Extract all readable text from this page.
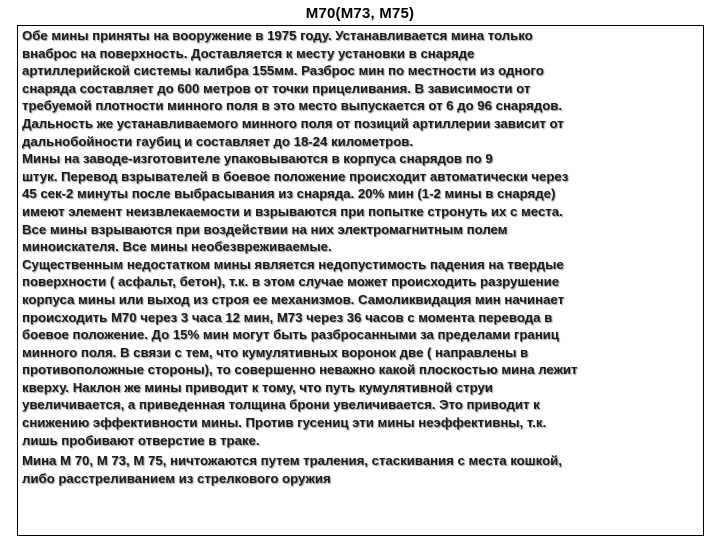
М70(М73, М75)
Обе мины приняты на вооружение в 1975 году. Устанавливается мина только
внаброс на поверхность. Доставляется к месту установки в снаряде
артиллерийской системы калибра 155мм. Разброс мин по местности из одного
снаряда составляет до 600 метров от точки прицеливания. В зависимости от
требуемой плотности минного поля в это место выпускается от 6 до 96 снарядов.
Дальность же устанавливаемого минного поля от позиций артиллерии зависит от
дальнобойности гаубиц и составляет до 18-24 километров.
Мины на заводе-изготовителе упаковываются в корпуса снарядов по 9
штук. Перевод взрывателей в боевое положение происходит автоматически через
45 сек-2 минуты после выбрасывания из снаряда. 20% мин (1-2 мины в снаряде)
имеют элемент неизвлекаемости и взрываются при попытке стронуть их с места.
Все мины взрываются при воздействии на них электромагнитным полем
миноискателя. Все мины необезвреживаемые.
Существенным недостатком мины является недопустимость падения на твердые
поверхности ( асфальт, бетон), т.к. в этом случае может происходить разрушение
корпуса мины или выход из строя ее механизмов. Самоликвидация мин начинает
происходить М70 через 3 часа 12 мин, М73 через 36 часов с момента перевода в
боевое положение. До 15% мин могут быть разбросанными за пределами границ
минного поля. В связи с тем, что кумулятивных воронок две ( направлены в
противоположные стороны), то совершенно неважно какой плоскостью мина лежит
кверху. Наклон же мины приводит к тому, что путь кумулятивной струи
увеличивается, а приведенная толщина брони увеличивается. Это приводит к
снижению эффективности мины. Против гусениц эти мины неэффективны, т.к.
лишь пробивают отверстие в траке.
Мина М 70, М 73, М 75, ничтожаются путем траления, стаскивания с места кошкой,
либо расстреливанием из стрелкового оружия
